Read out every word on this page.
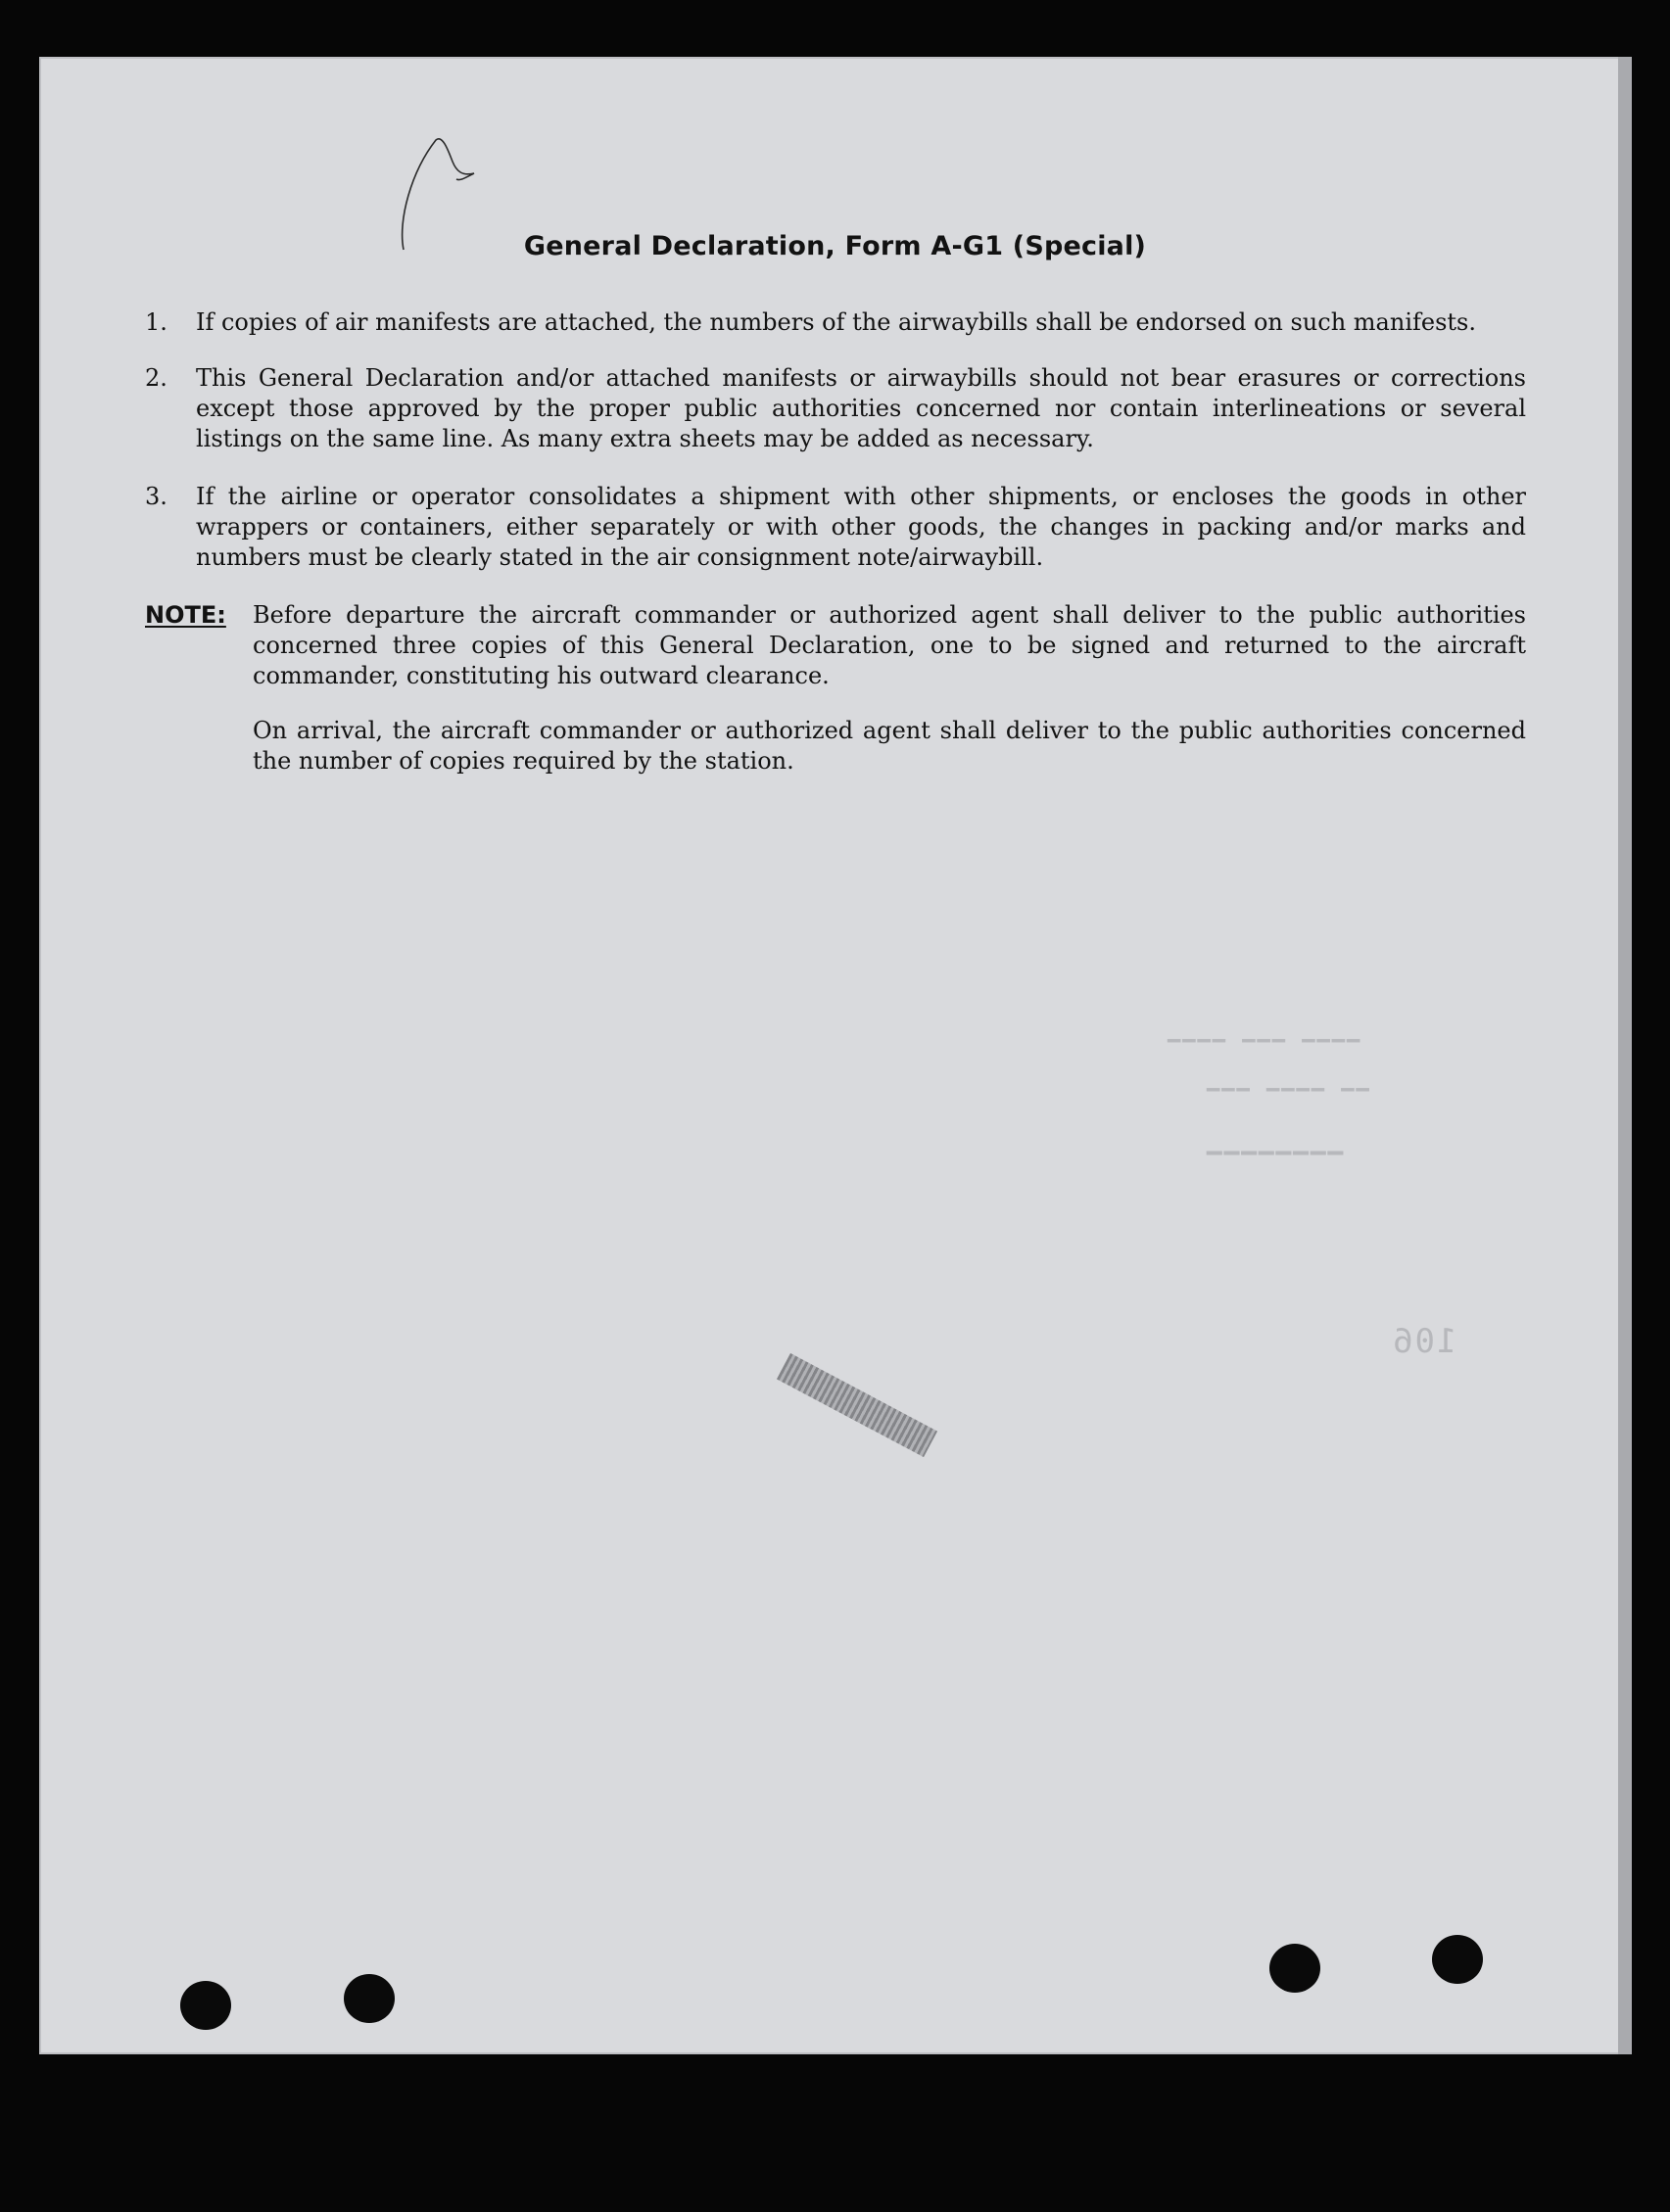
General Declaration, Form A-G1 (Special)
1.	If copies of air manifests are attached, the numbers of the airwaybills shall be endorsed on such manifests.
2.	This General Declaration and/or attached manifests or airwaybills should not bear erasures or corrections except those approved by the proper public authorities concerned nor contain interlineations or several listings on the same line. As many extra sheets may be added as necessary.
3.	If the airline or operator consolidates a shipment with other shipments, or encloses the goods in other wrappers or containers, either separately or with other goods, the changes in packing and/or marks and numbers must be clearly stated in the air consignment note/airwaybill.
NOTE: Before departure the aircraft commander or authorized agent shall deliver to the public authorities concerned three copies of this General Declaration, one to be signed and returned to the aircraft commander, constituting his outward clearance.
On arrival, the aircraft commander or authorized agent shall deliver to the public authorities concerned the number of copies required by the station.
▁▁▁▁ ▁▁▁ ▁▁▁▁
▁▁ ▁▁▁▁ ▁▁▁
▁▁▁▁▁▁▁▁
106
